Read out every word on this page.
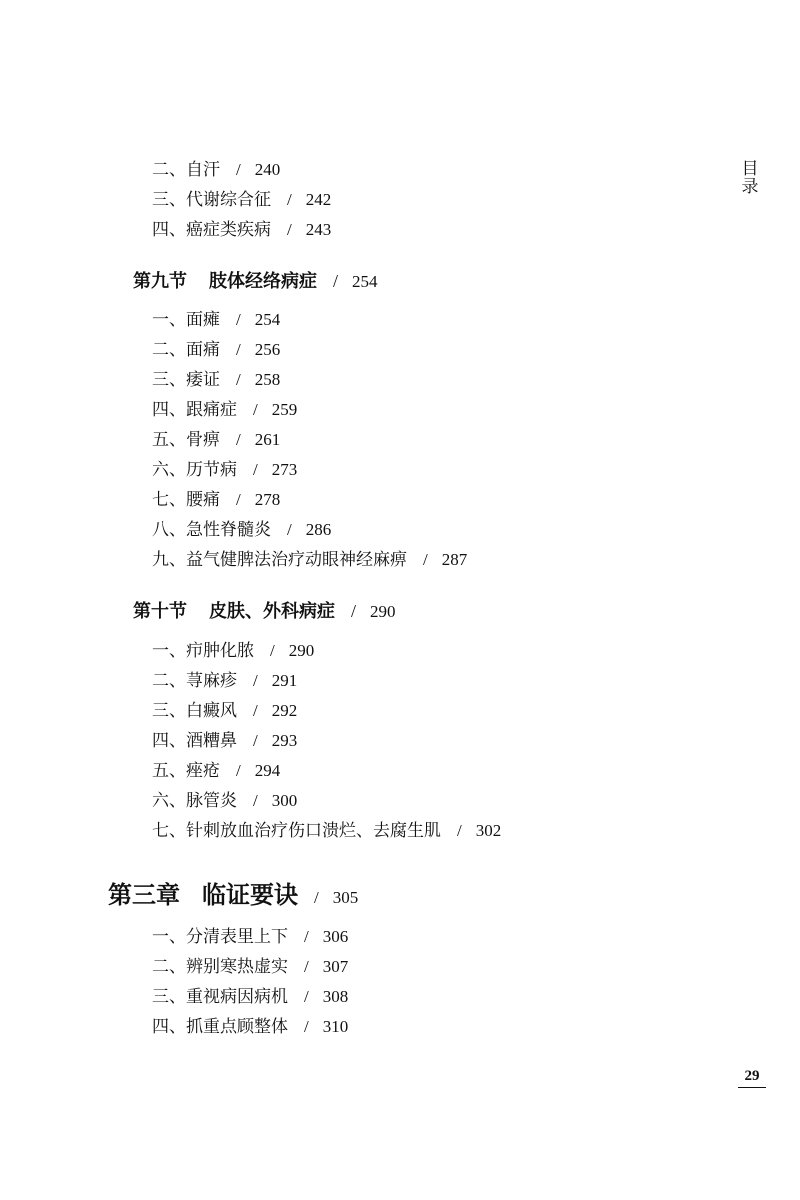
目
录
二、自汗 / 240
三、代谢综合征 / 242
四、癌症类疾病 / 243
第九节 肢体经络病症 / 254
一、面瘫 / 254
二、面痛 / 256
三、痿证 / 258
四、跟痛症 / 259
五、骨痹 / 261
六、历节病 / 273
七、腰痛 / 278
八、急性脊髓炎 / 286
九、益气健脾法治疗动眼神经麻痹 / 287
第十节 皮肤、外科病症 / 290
一、疖肿化脓 / 290
二、荨麻疹 / 291
三、白癜风 / 292
四、酒糟鼻 / 293
五、痤疮 / 294
六、脉管炎 / 300
七、针刺放血治疗伤口溃烂、去腐生肌 / 302
第三章 临证要诀 / 305
一、分清表里上下 / 306
二、辨别寒热虚实 / 307
三、重视病因病机 / 308
四、抓重点顾整体 / 310
29
